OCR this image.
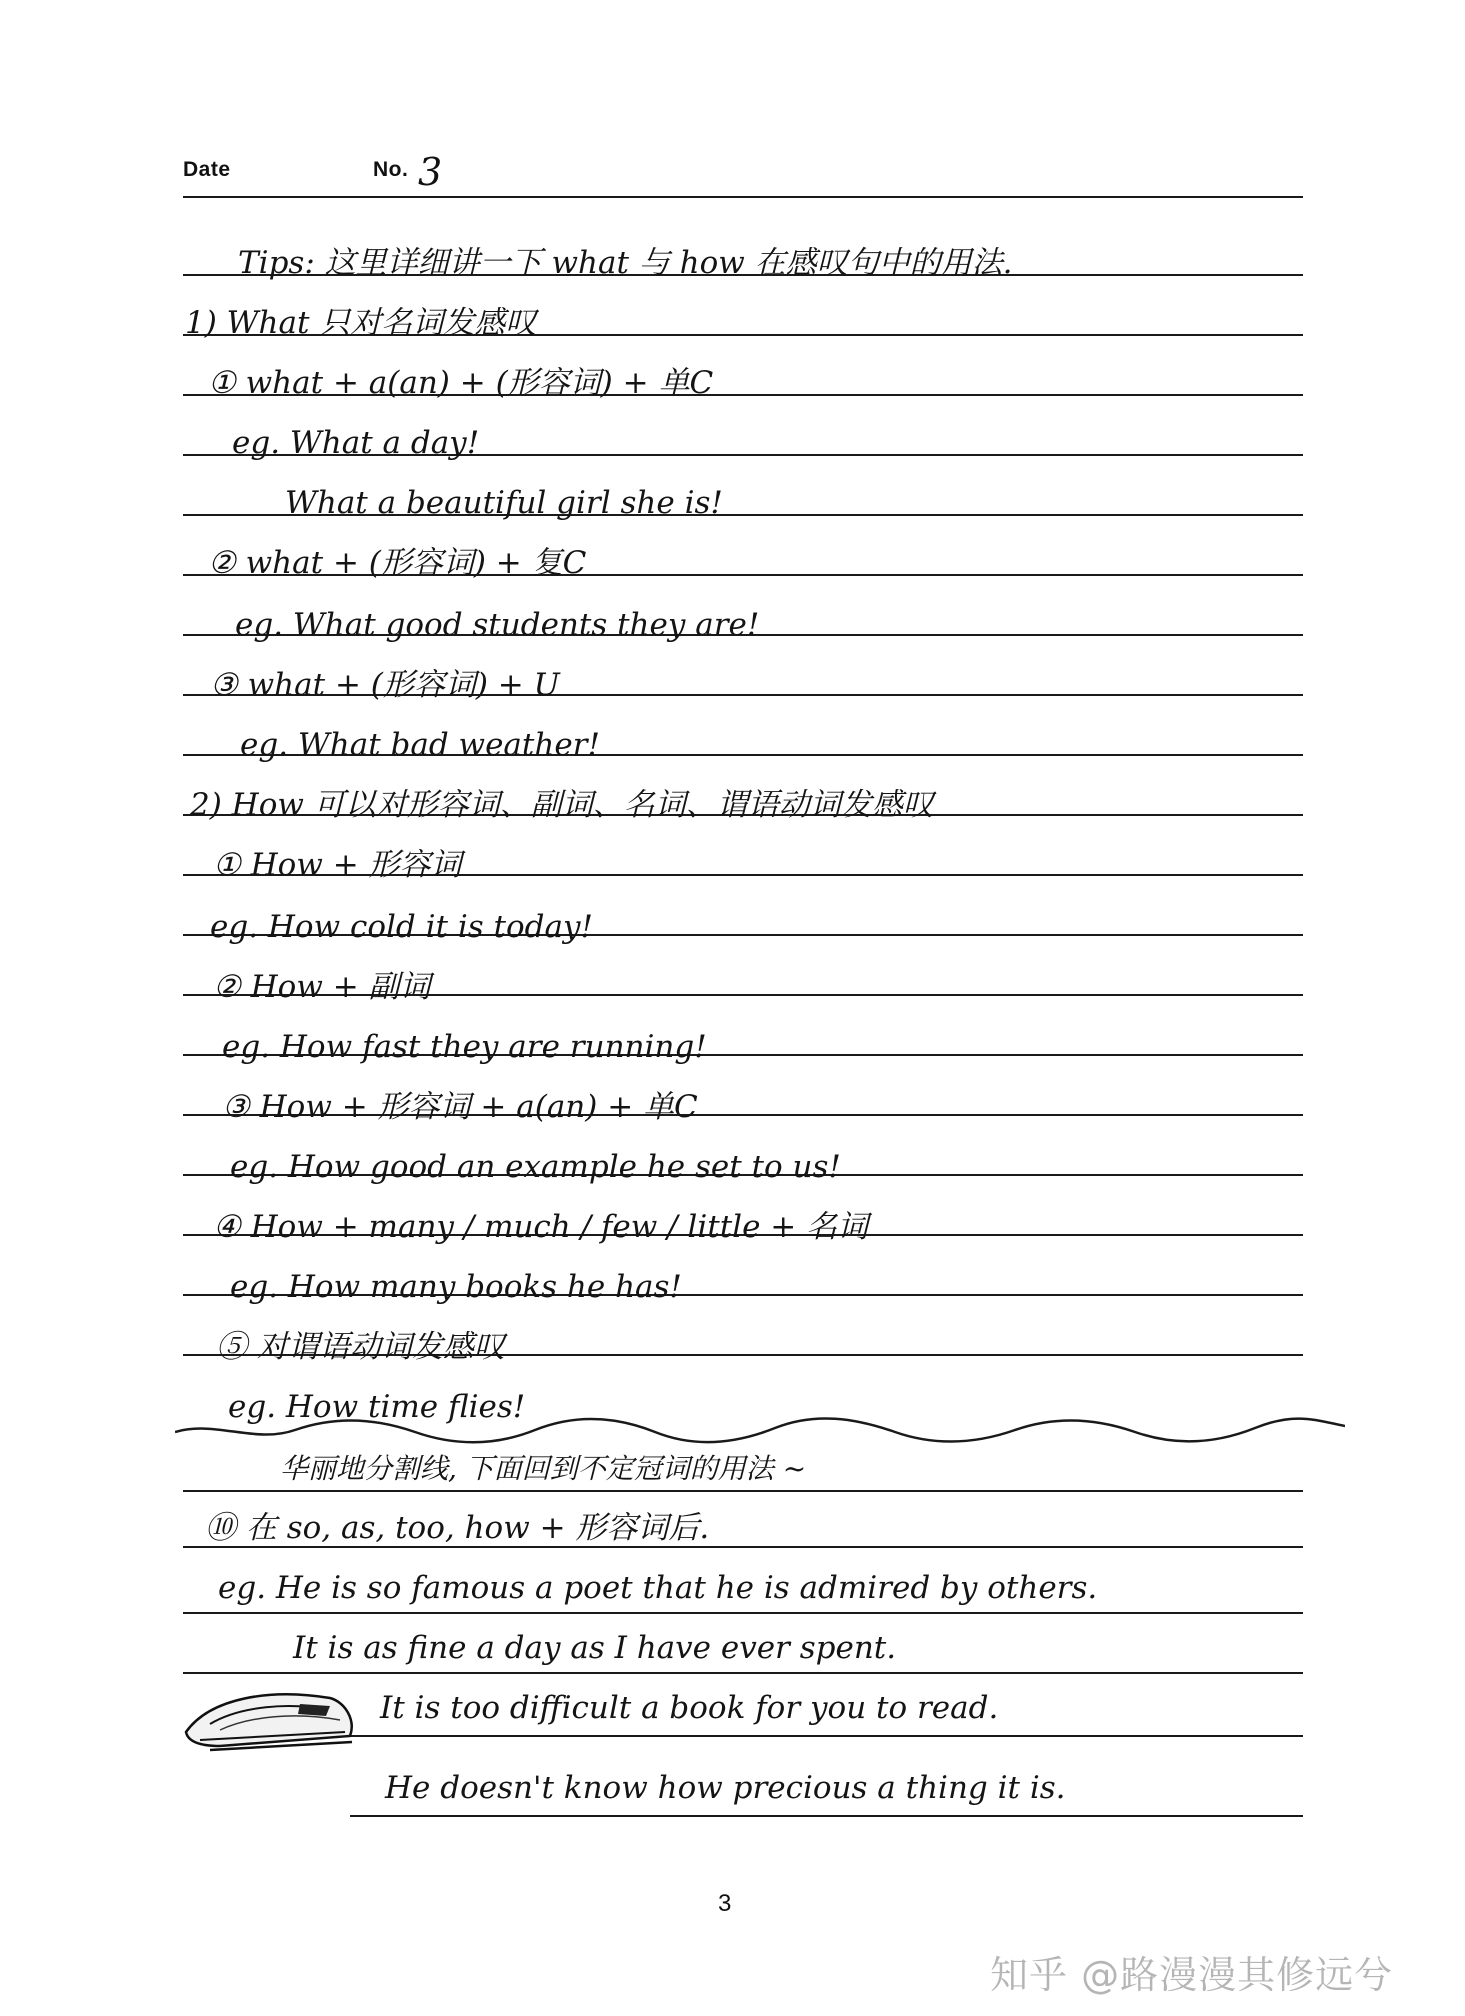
Date	No. 3
Tips: 这里详细讲一下 what 与 how 在感叹句中的用法.
1) What 只对名词发感叹
① what + a(an) + (形容词) + 单C
eg. What a day!
What a beautiful girl she is!
② what + (形容词) + 复C
eg. What good students they are!
③ what + (形容词) + U
eg. What bad weather!
2) How 可以对形容词、副词、名词、谓语动词发感叹
① How + 形容词
eg. How cold it is today!
② How + 副词
eg. How fast they are running!
③ How + 形容词 + a(an) + 单C
eg. How good an example he set to us!
④ How + many / much / few / little + 名词
eg. How many books he has!
⑤ 对谓语动词发感叹
eg. How time flies!
华丽地分割线, 下面回到不定冠词的用法 ~
⑩ 在 so, as, too, how + 形容词后.
eg. He is so famous a poet that he is admired by others.
It is as fine a day as I have ever spent.
It is too difficult a book for you to read.
He doesn't know how precious a thing it is.
3
知乎 @路漫漫其修远兮
